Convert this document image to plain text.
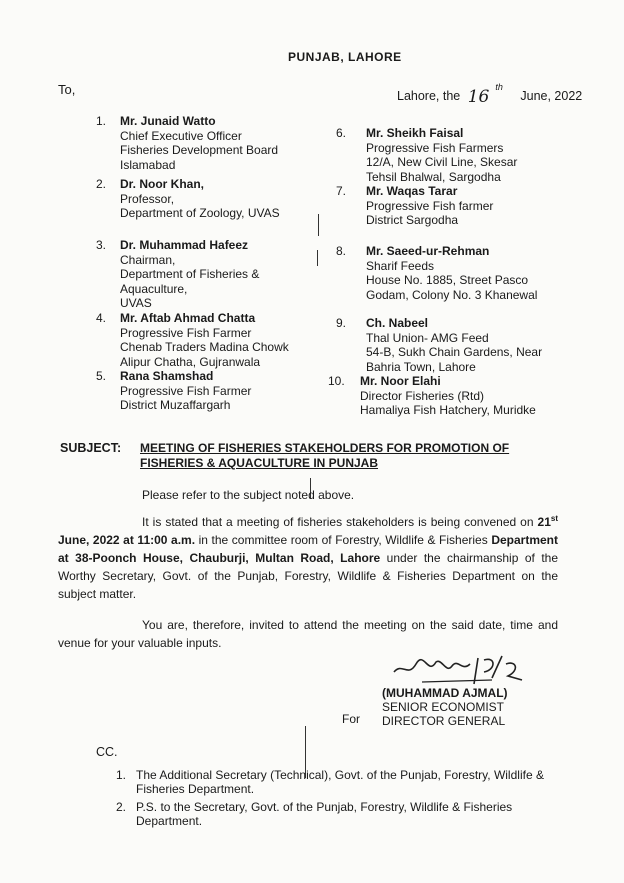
PUNJAB, LAHORE
To,	Lahore, the 16 $^{th}$ June, 2022
1. Mr. Junaid Watto
Chief Executive Officer
Fisheries Development Board
Islamabad
2. Dr. Noor Khan,
Professor,
Department of Zoology, UVAS
3. Dr. Muhammad Hafeez
Chairman,
Department of Fisheries &
Aquaculture,
UVAS
4. Mr. Aftab Ahmad Chatta
Progressive Fish Farmer
Chenab Traders Madina Chowk
Alipur Chatha, Gujranwala
5. Rana Shamshad
Progressive Fish Farmer
District Muzaffargarh
6. Mr. Sheikh Faisal
Progressive Fish Farmers
12/A, New Civil Line, Skesar
Tehsil Bhalwal, Sargodha
7. Mr. Waqas Tarar
Progressive Fish farmer
District Sargodha
8. Mr. Saeed-ur-Rehman
Sharif Feeds
House No. 1885, Street Pasco
Godam, Colony No. 3 Khanewal
9. Ch. Nabeel
Thal Union- AMG Feed
54-B, Sukh Chain Gardens, Near
Bahria Town, Lahore
10. Mr. Noor Elahi
Director Fisheries (Rtd)
Hamaliya Fish Hatchery, Muridke
SUBJECT: MEETING OF FISHERIES STAKEHOLDERS FOR PROMOTION OF FISHERIES & AQUACULTURE IN PUNJAB
Please refer to the subject noted above.
It is stated that a meeting of fisheries stakeholders is being convened on 21st June, 2022 at 11:00 a.m. in the committee room of Forestry, Wildlife & Fisheries Department at 38-Poonch House, Chauburji, Multan Road, Lahore under the chairmanship of the Worthy Secretary, Govt. of the Punjab, Forestry, Wildlife & Fisheries Department on the subject matter.
You are, therefore, invited to attend the meeting on the said date, time and venue for your valuable inputs.
(MUHAMMAD AJMAL)
SENIOR ECONOMIST
DIRECTOR GENERAL
For
CC.
1. The Additional Secretary (Technical), Govt. of the Punjab, Forestry, Wildlife & Fisheries Department.
2. P.S. to the Secretary, Govt. of the Punjab, Forestry, Wildlife & Fisheries Department.
